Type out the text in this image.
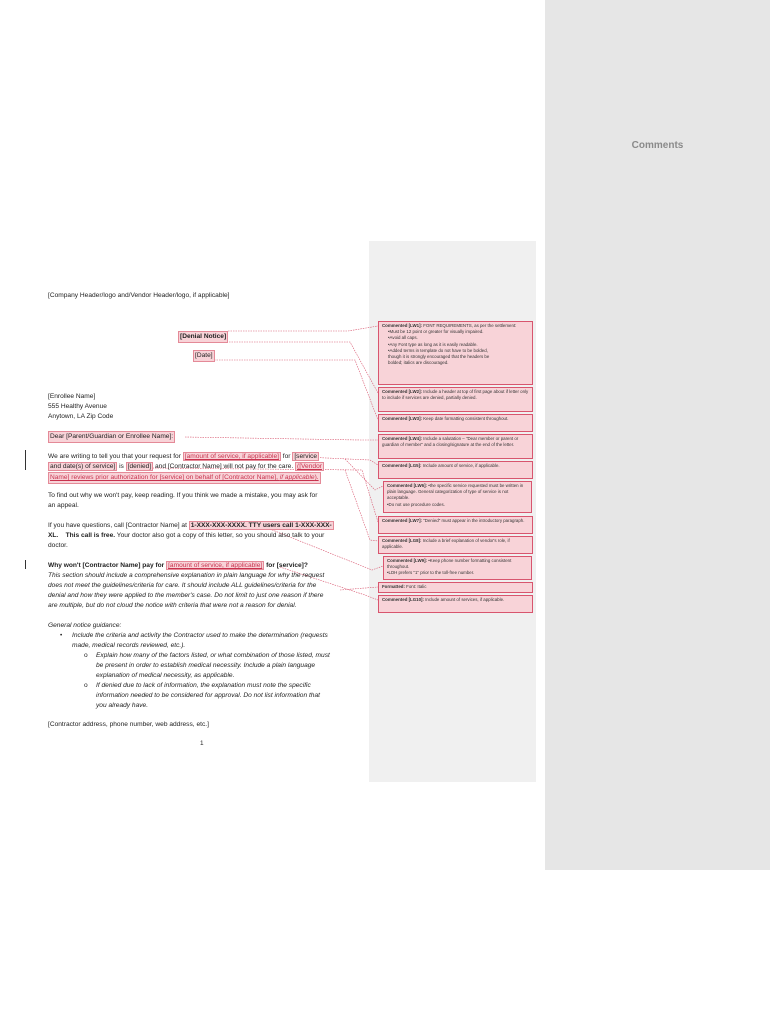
Comments
[Company Header/logo and/Vendor Header/logo, if applicable]
[Denial Notice]
[Date]
[Enrollee Name]
555 Healthy Avenue
Anytown, LA Zip Code
Dear [Parent/Guardian or Enrollee Name]:
We are writing to tell you that your request for [amount of service, if applicable] for [service
and date(s) of service] is [denied] and [Contractor Name] will not pay for the care. ([Vendor
Name] reviews prior authorization for [service] on behalf of [Contractor Name], if applicable).
To find out why we won't pay, keep reading. If you think we made a mistake, you may ask for
an appeal.
If you have questions, call [Contractor Name] at 1-XXX-XXX-XXXX. TTY users call 1-XXX-XXX-
XL. This call is free. Your doctor also got a copy of this letter, so you should also talk to your
doctor.
Why won't [Contractor Name] pay for [amount of service, if applicable] for [service]?
This section should include a comprehensive explanation in plain language for why the request
does not meet the guidelines/criteria for care. It should include ALL guidelines/criteria for the
denial and how they were applied to the member's case. Do not limit to just one reason if there
are multiple, but do not cloud the notice with criteria that were not a reason for denial.
General notice guidance:
• Include the criteria and activity the Contractor used to make the determination (requests
made, medical records reviewed, etc.).
o Explain how many of the factors listed, or what combination of those listed, must
be present in order to establish medical necessity. Include a plain language
explanation of medical necessity, as applicable.
o If denied due to lack of information, the explanation must note the specific
information needed to be considered for approval. Do not list information that
you already have.
[Contractor address, phone number, web address, etc.]
1
Commented [LW1]: FONT REQUIREMENTS, as per the settlement:
•Must be 12 point or greater for visually impaired.
•Avoid all caps.
•Any Font type as long as it is easily readable.
•Added terms in template do not have to be bolded,
though it is strongly encouraged that the headers be
bolded; italics are discouraged.
Commented [LW2]: Include a header at top of first page about if letter only to include if services are denied, partially denied.
Commented [LW3]: Keep date formatting consistent throughout.
Commented [LW4]: Include a salutation – "Dear member or parent or guardian of member" and a closing/signature at the end of the letter.
Commented [LG5]: Include amount of service, if applicable.
Commented [LW6]: •the specific service requested must be written in plain language. General categorization of type of service is not acceptable.
•Do not use procedure codes.
Commented [LW7]: "Denied" must appear in the introductory paragraph.
Commented [LG8]: Include a brief explanation of vendor's role, if applicable.
Commented [LW9]: •Keep phone number formatting consistent throughout.
•LDH prefers "1" prior to the toll-free number.
Formatted: Font: Italic
Commented [LG10]: Include amount of services, if applicable.
